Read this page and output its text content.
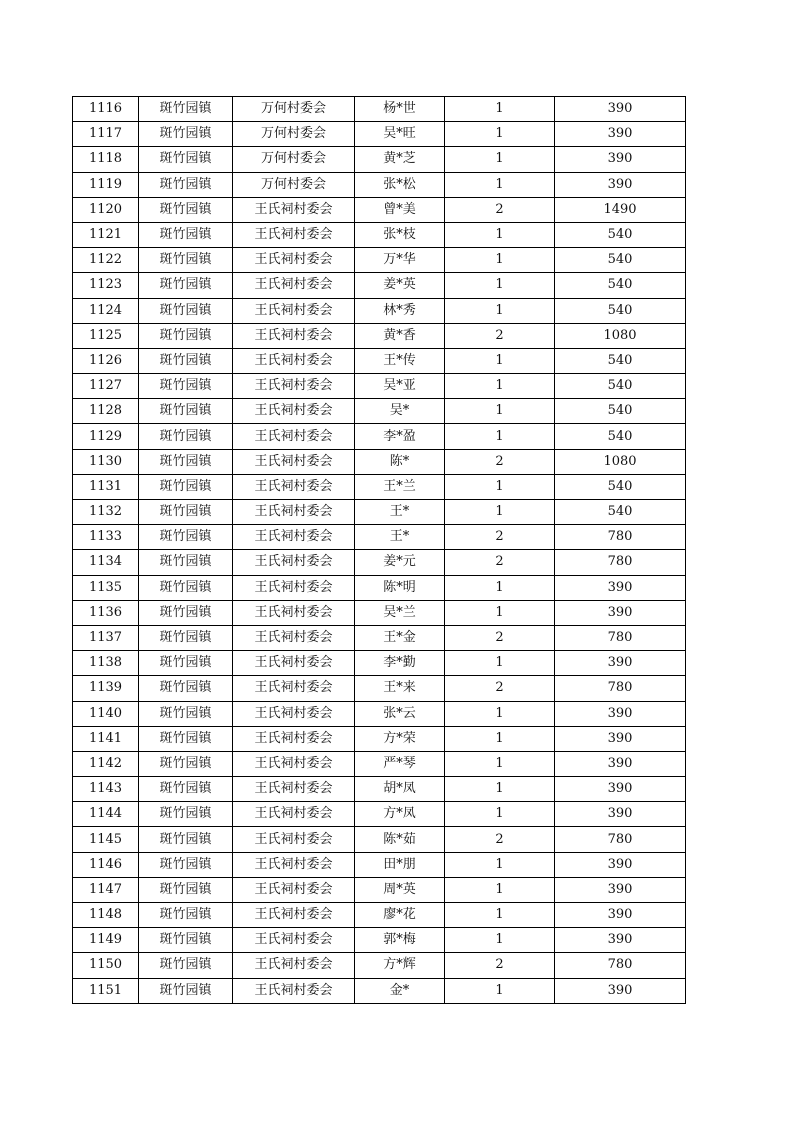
1116	斑竹园镇	万何村委会	杨*世	1	390
1117	斑竹园镇	万何村委会	吴*旺	1	390
1118	斑竹园镇	万何村委会	黄*芝	1	390
1119	斑竹园镇	万何村委会	张*松	1	390
1120	斑竹园镇	王氏祠村委会	曾*美	2	1490
1121	斑竹园镇	王氏祠村委会	张*枝	1	540
1122	斑竹园镇	王氏祠村委会	万*华	1	540
1123	斑竹园镇	王氏祠村委会	姜*英	1	540
1124	斑竹园镇	王氏祠村委会	林*秀	1	540
1125	斑竹园镇	王氏祠村委会	黄*香	2	1080
1126	斑竹园镇	王氏祠村委会	王*传	1	540
1127	斑竹园镇	王氏祠村委会	吴*亚	1	540
1128	斑竹园镇	王氏祠村委会	吴*	1	540
1129	斑竹园镇	王氏祠村委会	李*盈	1	540
1130	斑竹园镇	王氏祠村委会	陈*	2	1080
1131	斑竹园镇	王氏祠村委会	王*兰	1	540
1132	斑竹园镇	王氏祠村委会	王*	1	540
1133	斑竹园镇	王氏祠村委会	王*	2	780
1134	斑竹园镇	王氏祠村委会	姜*元	2	780
1135	斑竹园镇	王氏祠村委会	陈*明	1	390
1136	斑竹园镇	王氏祠村委会	吴*兰	1	390
1137	斑竹园镇	王氏祠村委会	王*金	2	780
1138	斑竹园镇	王氏祠村委会	李*勤	1	390
1139	斑竹园镇	王氏祠村委会	王*来	2	780
1140	斑竹园镇	王氏祠村委会	张*云	1	390
1141	斑竹园镇	王氏祠村委会	方*荣	1	390
1142	斑竹园镇	王氏祠村委会	严*琴	1	390
1143	斑竹园镇	王氏祠村委会	胡*凤	1	390
1144	斑竹园镇	王氏祠村委会	方*凤	1	390
1145	斑竹园镇	王氏祠村委会	陈*茹	2	780
1146	斑竹园镇	王氏祠村委会	田*朋	1	390
1147	斑竹园镇	王氏祠村委会	周*英	1	390
1148	斑竹园镇	王氏祠村委会	廖*花	1	390
1149	斑竹园镇	王氏祠村委会	郭*梅	1	390
1150	斑竹园镇	王氏祠村委会	方*辉	2	780
1151	斑竹园镇	王氏祠村委会	金*	1	390
